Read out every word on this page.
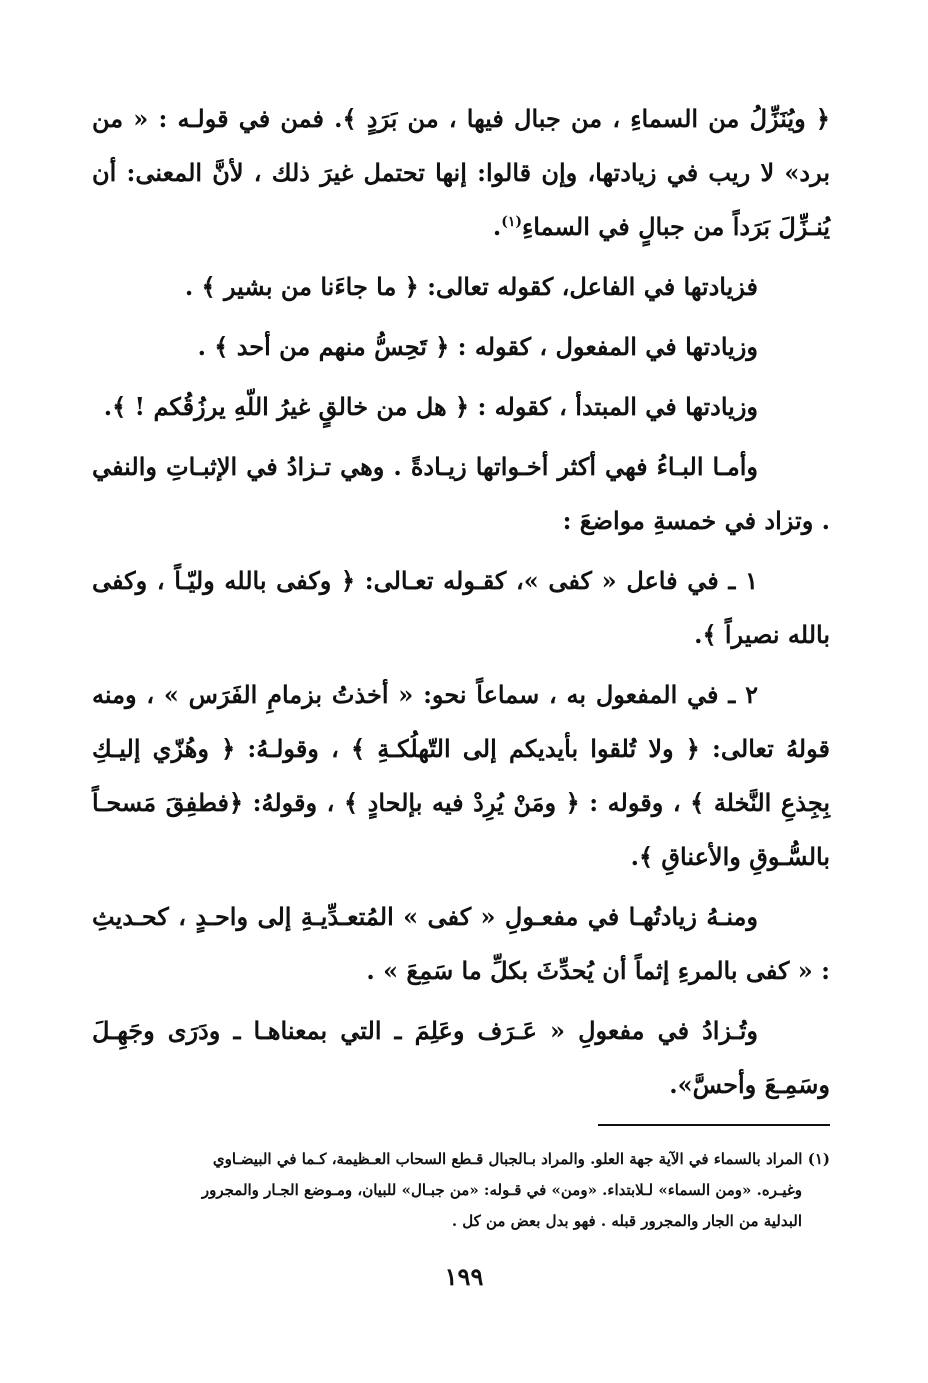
﴿ ويُنَزِّلُ من السماءِ ، من جبال فيها ، من بَرَدٍ ﴾. فمن في قولـه : « من برد» لا ريب في زيادتها، وإن قالوا: إنها تحتمل غيرَ ذلك ، لأنَّ المعنى: أن يُنـزِّلَ بَرَداً من جبالٍ في السماءِ$^{(١)}$.

فزيادتها في الفاعل، كقوله تعالى: ﴿ ما جاءَنا من بشير ﴾ .

وزيادتها في المفعول ، كقوله : ﴿ تَحِسُّ منهم من أحد ﴾ .

وزيادتها في المبتدأ ، كقوله : ﴿ هل من خالقٍ غيرُ اللّهِ يرزُقُكم ! ﴾.

وأمـا البـاءُ فهي أكثر أخـواتها زيـادةً . وهي تـزادُ في الإثبـاتِ والنفي . وتزاد في خمسةِ مواضعَ :

١ ـ في فاعل « كفى »، كقـوله تعـالى: ﴿ وكفى بالله وليّـاً ، وكفى بالله نصيراً ﴾.

٢ ـ في المفعول به ، سماعاً نحو: « أخذتُ بزمامِ الفَرَس » ، ومنه قولهُ تعالى: ﴿ ولا تُلقوا بأيديكم إلى التّهلُكـةِ ﴾ ، وقولـهُ: ﴿ وهُزّي إليـكِ بِجِذعِ النَّخلة ﴾ ، وقوله : ﴿ ومَنْ يُرِدْ فيه بإلحادٍ ﴾ ، وقولهُ: ﴿فطفِقَ مَسحـاً بالسُّـوقِ والأعناقِ ﴾.

ومنـهُ زيادتُهـا في مفعـولِ « كفى » المُتعـدِّيـةِ إلى واحـدٍ ، كحـديثِ : « كفى بالمرءِ إثماً أن يُحدِّثَ بكلِّ ما سَمِعَ » .

وتُـزادُ في مفعولِ « عَـرَف وعَلِمَ ـ التي بمعناهـا ـ ودَرَى وجَهِـلَ وسَمِـعَ وأحسَّ».

(١) المراد بالسماء في الآية جهة العلو. والمراد بـالجبال قـطع السحاب العـظيمة، كـما في البيضـاوي
وغيـره. «ومن السماء» لـلابتداء. «ومن» في قـوله: «من جبـال» للبيان، ومـوضع الجـار والمجرور
البدلية من الجار والمجرور قبله . فهو بدل بعض من كل .
١٩٩
